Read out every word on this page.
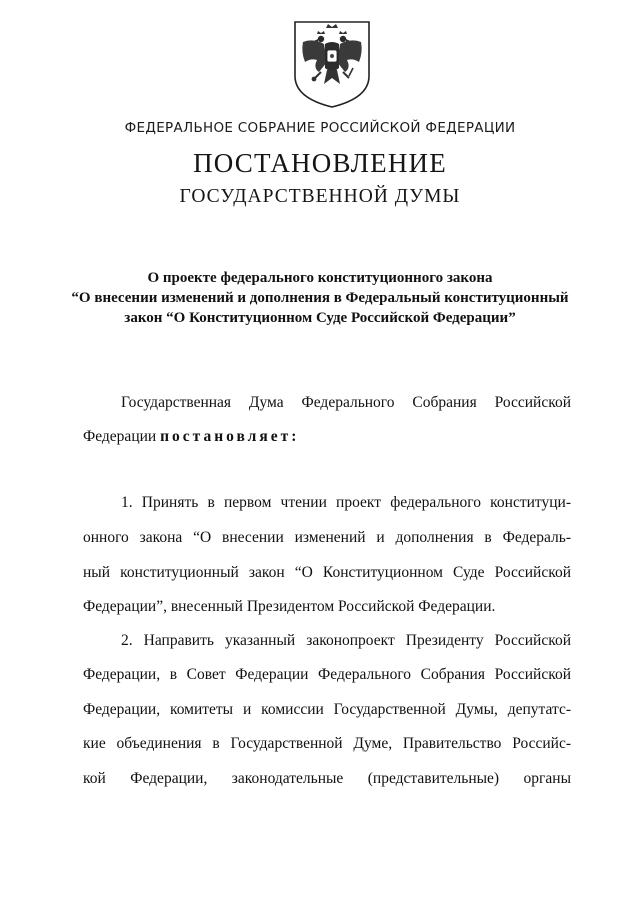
ФЕДЕРАЛЬНОЕ СОБРАНИЕ РОССИЙСКОЙ ФЕДЕРАЦИИ
ПОСТАНОВЛЕНИЕ
ГОСУДАРСТВЕННОЙ ДУМЫ
О проекте федерального конституционного закона
“О внесении изменений и дополнения в Федеральный конституционный
закон “О Конституционном Суде Российской Федерации”
Государственная Дума Федерального Собрания Российской
Федерации постановляет:
1. Принять в первом чтении проект федерального конституци-
онного закона “О внесении изменений и дополнения в Федераль-
ный конституционный закон “О Конституционном Суде Российской
Федерации”, внесенный Президентом Российской Федерации.
2. Направить указанный законопроект Президенту Российской
Федерации, в Совет Федерации Федерального Собрания Российской
Федерации, комитеты и комиссии Государственной Думы, депутатс-
кие объединения в Государственной Думе, Правительство Российс-
кой Федерации, законодательные (представительные) органы
